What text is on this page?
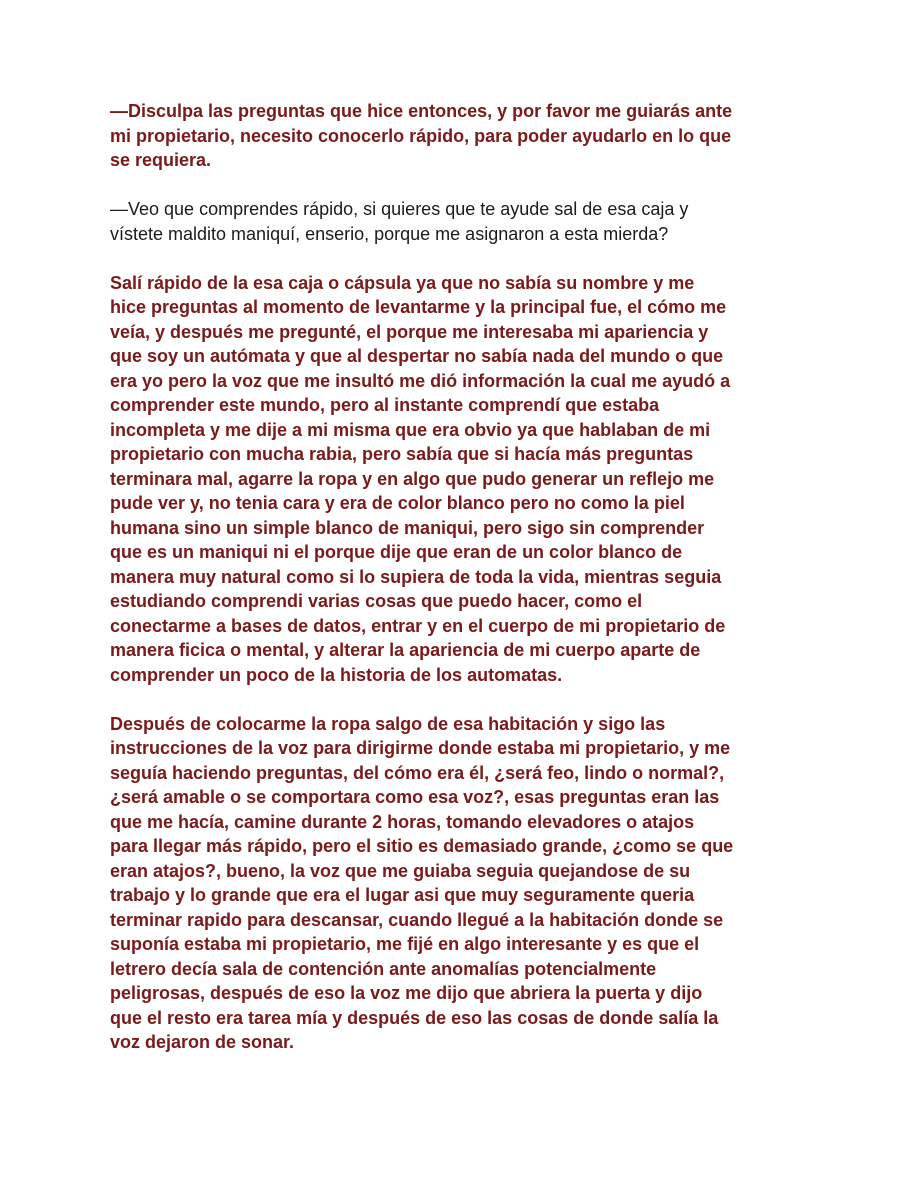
—Disculpa las preguntas que hice entonces, y por favor me guiarás ante
mi propietario, necesito conocerlo rápido, para poder ayudarlo en lo que
se requiera.
—Veo que comprendes rápido, si quieres que te ayude sal de esa caja y
vístete maldito maniquí, enserio, porque me asignaron a esta mierda?
Salí rápido de la esa caja o cápsula ya que no sabía su nombre y me
hice preguntas al momento de levantarme y la principal fue, el cómo me
veía, y después me pregunté, el porque me interesaba mi apariencia y
que soy un autómata y que al despertar no sabía nada del mundo o que
era yo pero la voz que me insultó me dió información la cual me ayudó a
comprender este mundo, pero al instante comprendí que estaba
incompleta y me dije a mi misma que era obvio ya que hablaban de mi
propietario con mucha rabia, pero sabía que si hacía más preguntas
terminara mal, agarre la ropa y en algo que pudo generar un reflejo me
pude ver y, no tenia cara y era de color blanco pero no como la piel
humana sino un simple blanco de maniqui, pero sigo sin comprender
que es un maniqui ni el porque dije que eran de un color blanco de
manera muy natural como si lo supiera de toda la vida, mientras seguia
estudiando comprendi varias cosas que puedo hacer, como el
conectarme a bases de datos, entrar y en el cuerpo de mi propietario de
manera ficica o mental, y alterar la apariencia de mi cuerpo aparte de
comprender un poco de la historia de los automatas.
Después de colocarme la ropa salgo de esa habitación y sigo las
instrucciones de la voz para dirigirme donde estaba mi propietario, y me
seguía haciendo preguntas, del cómo era él, ¿será feo, lindo o normal?,
¿será amable o se comportara como esa voz?, esas preguntas eran las
que me hacía, camine durante 2 horas, tomando elevadores o atajos
para llegar más rápido, pero el sitio es demasiado grande, ¿como se que
eran atajos?, bueno, la voz que me guiaba seguia quejandose de su
trabajo y lo grande que era el lugar asi que muy seguramente queria
terminar rapido para descansar, cuando llegué a la habitación donde se
suponía estaba mi propietario, me fijé en algo interesante y es que el
letrero decía sala de contención ante anomalías potencialmente
peligrosas, después de eso la voz me dijo que abriera la puerta y dijo
que el resto era tarea mía y después de eso las cosas de donde salía la
voz dejaron de sonar.
